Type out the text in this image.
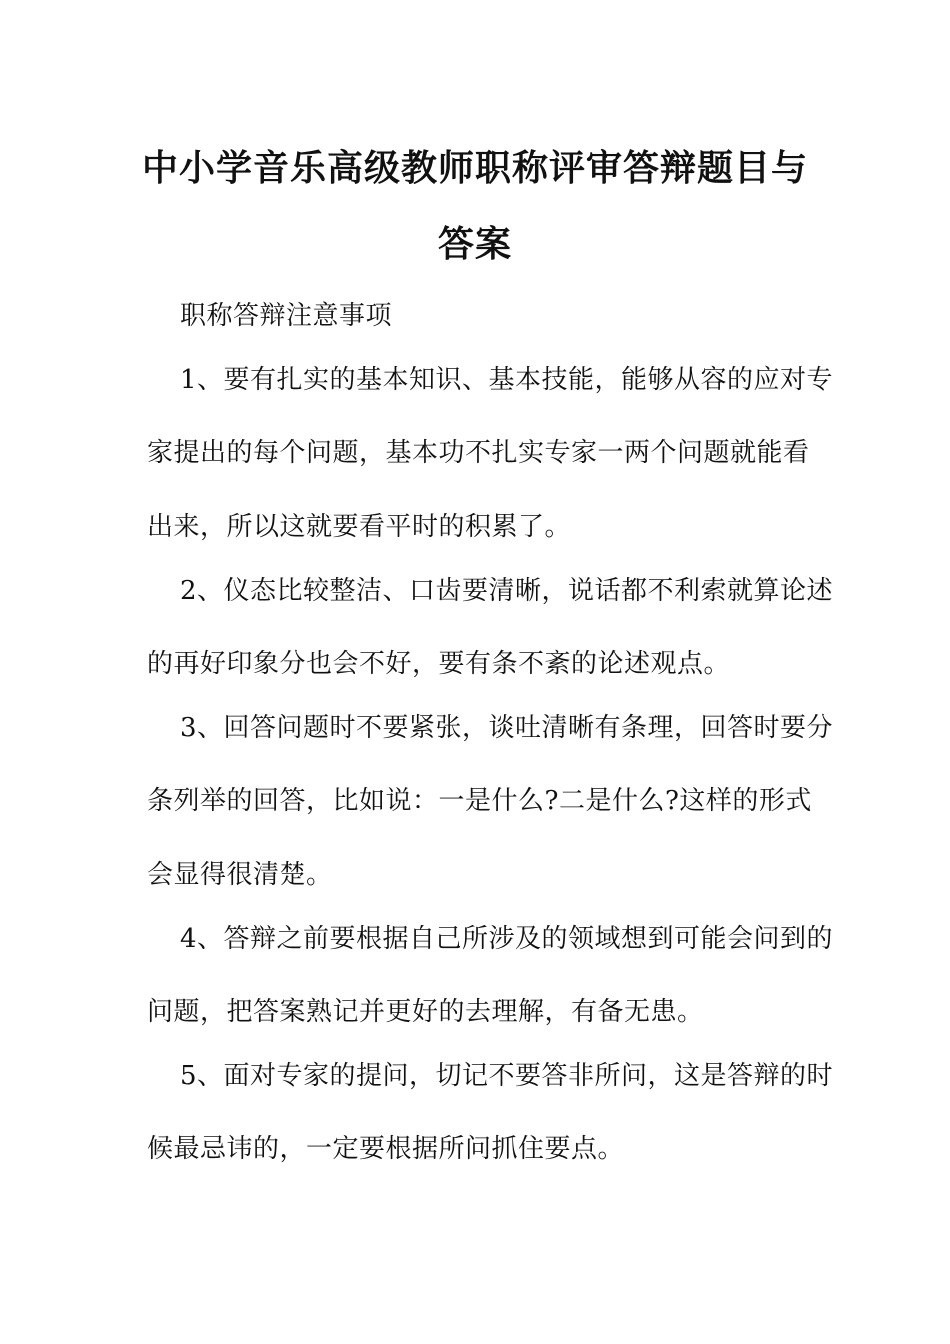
中小学音乐高级教师职称评审答辩题目与
答案
职称答辩注意事项
1、要有扎实的基本知识、基本技能，能够从容的应对专
家提出的每个问题，基本功不扎实专家一两个问题就能看
出来，所以这就要看平时的积累了。
2、仪态比较整洁、口齿要清晰，说话都不利索就算论述
的再好印象分也会不好，要有条不紊的论述观点。
3、回答问题时不要紧张，谈吐清晰有条理，回答时要分
条列举的回答，比如说：一是什么?二是什么?这样的形式
会显得很清楚。
4、答辩之前要根据自己所涉及的领域想到可能会问到的
问题，把答案熟记并更好的去理解，有备无患。
5、面对专家的提问，切记不要答非所问，这是答辩的时
候最忌讳的，一定要根据所问抓住要点。
